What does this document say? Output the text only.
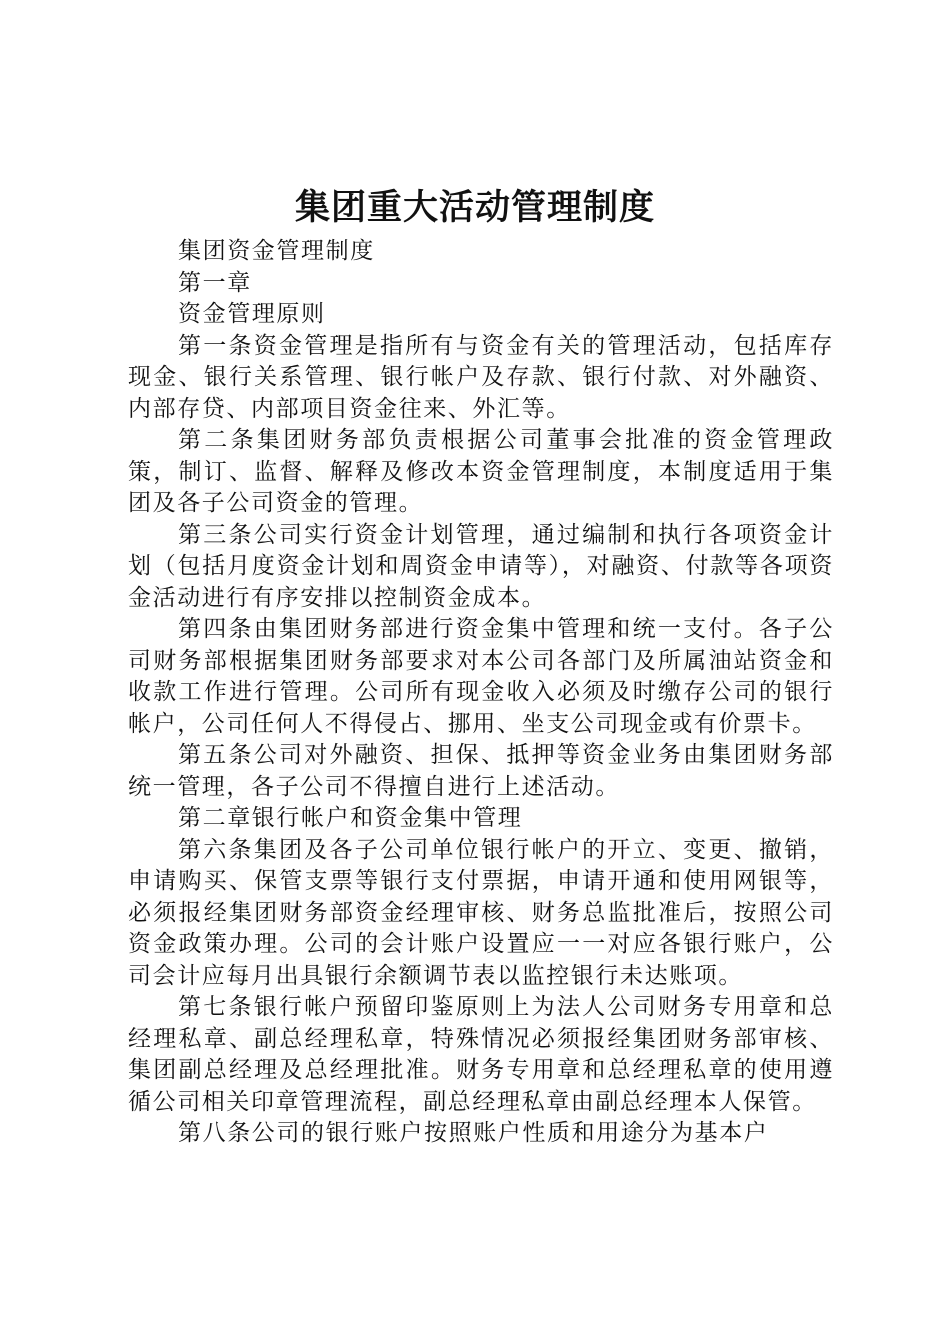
集团重大活动管理制度

集团资金管理制度

第一章

资金管理原则

第一条资金管理是指所有与资金有关的管理活动，包括库存现金、银行关系管理、银行帐户及存款、银行付款、对外融资、内部存贷、内部项目资金往来、外汇等。

第二条集团财务部负责根据公司董事会批准的资金管理政策，制订、监督、解释及修改本资金管理制度，本制度适用于集团及各子公司资金的管理。

第三条公司实行资金计划管理，通过编制和执行各项资金计划（包括月度资金计划和周资金申请等），对融资、付款等各项资金活动进行有序安排以控制资金成本。

第四条由集团财务部进行资金集中管理和统一支付。各子公司财务部根据集团财务部要求对本公司各部门及所属油站资金和收款工作进行管理。公司所有现金收入必须及时缴存公司的银行帐户，公司任何人不得侵占、挪用、坐支公司现金或有价票卡。

第五条公司对外融资、担保、抵押等资金业务由集团财务部统一管理，各子公司不得擅自进行上述活动。

第二章银行帐户和资金集中管理

第六条集团及各子公司单位银行帐户的开立、变更、撤销，申请购买、保管支票等银行支付票据，申请开通和使用网银等，必须报经集团财务部资金经理审核、财务总监批准后，按照公司资金政策办理。公司的会计账户设置应一一对应各银行账户，公司会计应每月出具银行余额调节表以监控银行未达账项。

第七条银行帐户预留印鉴原则上为法人公司财务专用章和总经理私章、副总经理私章，特殊情况必须报经集团财务部审核、集团副总经理及总经理批准。财务专用章和总经理私章的使用遵循公司相关印章管理流程，副总经理私章由副总经理本人保管。

第八条公司的银行账户按照账户性质和用途分为基本户
